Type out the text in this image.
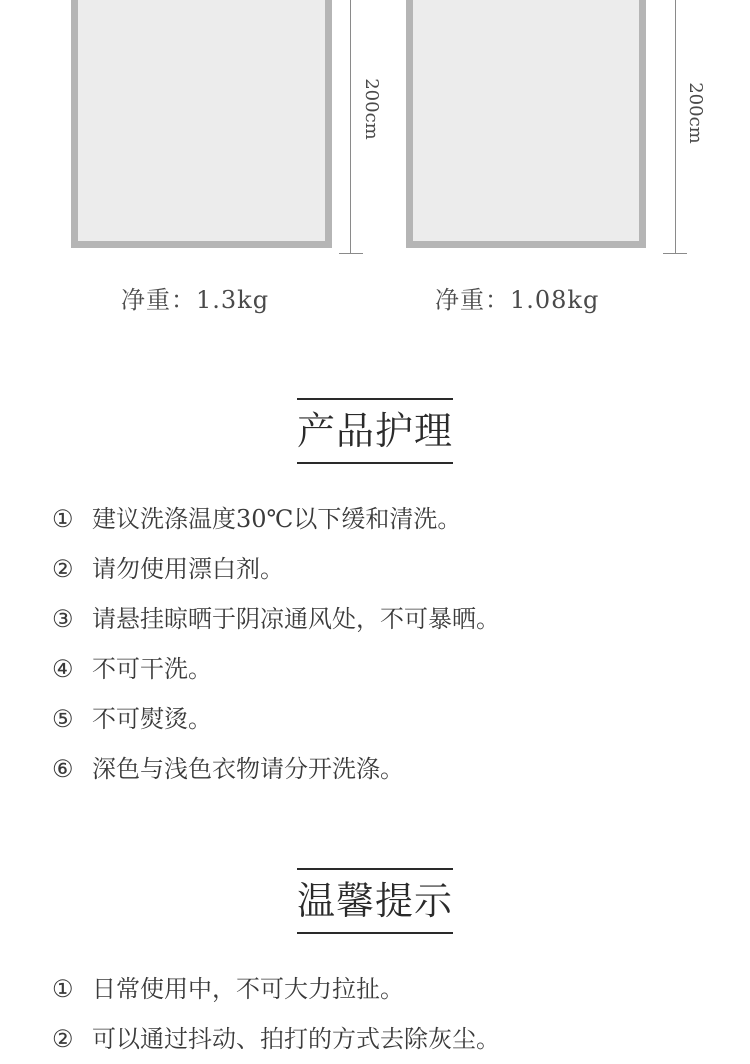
200cm	200cm
净重：1.3kg	净重：1.08kg
产品护理
① 建议洗涤温度30℃以下缓和清洗。
② 请勿使用漂白剂。
③ 请悬挂晾晒于阴凉通风处，不可暴晒。
④ 不可干洗。
⑤ 不可熨烫。
⑥ 深色与浅色衣物请分开洗涤。
温馨提示
① 日常使用中，不可大力拉扯。
② 可以通过抖动、拍打的方式去除灰尘。
